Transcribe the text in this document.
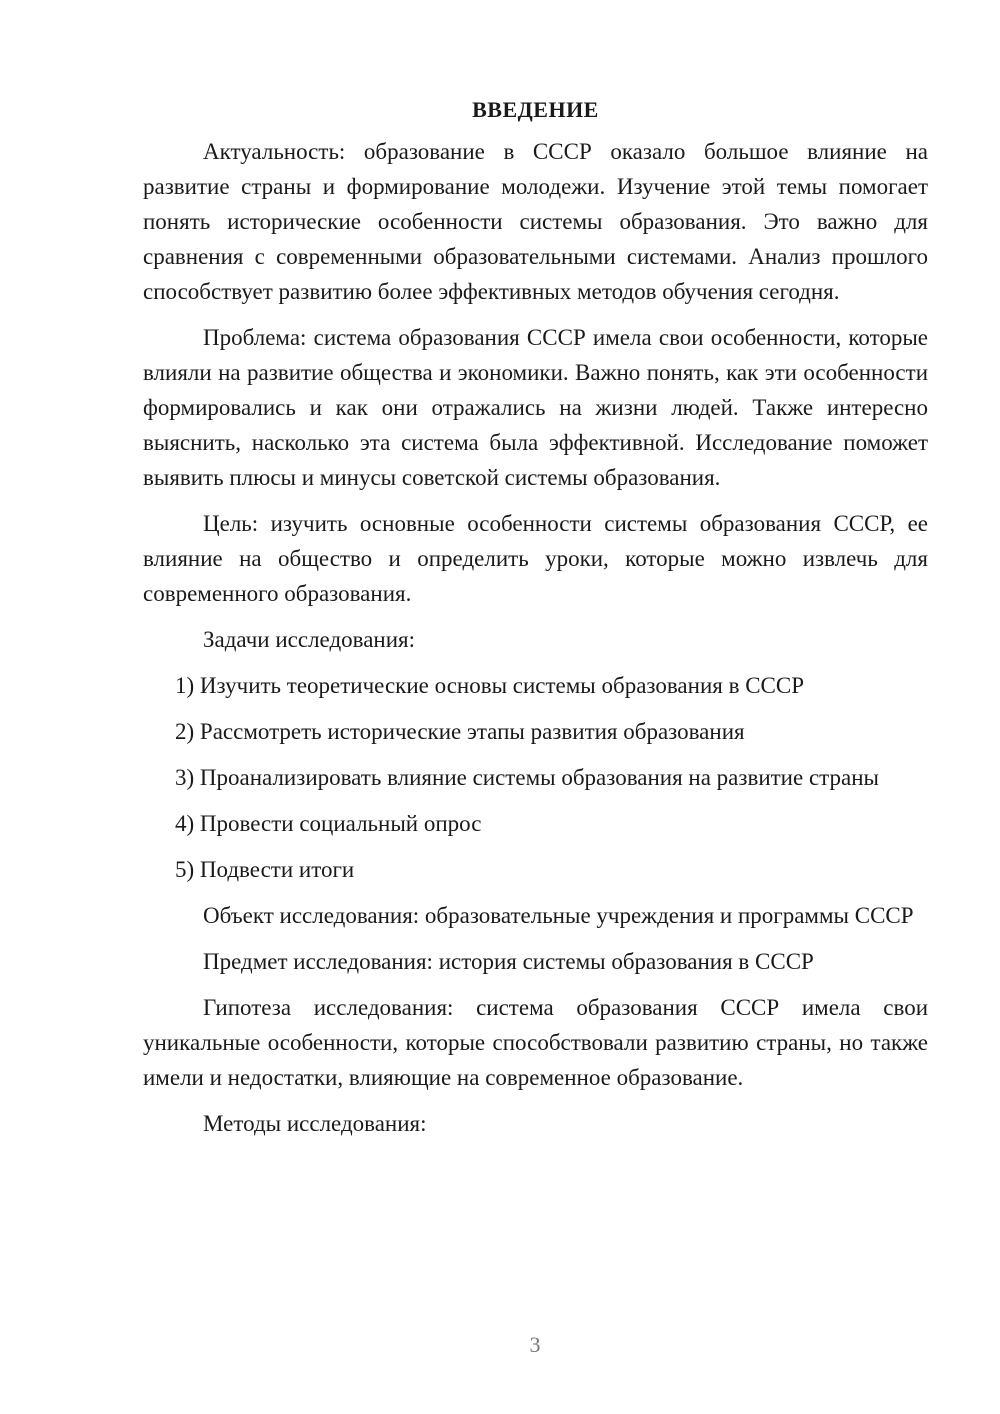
ВВЕДЕНИЕ

Актуальность: образование в СССР оказало большое влияние на развитие страны и формирование молодежи. Изучение этой темы помогает понять исторические особенности системы образования. Это важно для сравнения с современными образовательными системами. Анализ прошлого способствует развитию более эффективных методов обучения сегодня.

Проблема: система образования СССР имела свои особенности, которые влияли на развитие общества и экономики. Важно понять, как эти особенности формировались и как они отражались на жизни людей. Также интересно выяснить, насколько эта система была эффективной. Исследование поможет выявить плюсы и минусы советской системы образования.

Цель: изучить основные особенности системы образования СССР, ее влияние на общество и определить уроки, которые можно извлечь для современного образования.

Задачи исследования:

1) Изучить теоретические основы системы образования в СССР

2) Рассмотреть исторические этапы развития образования

3) Проанализировать влияние системы образования на развитие страны

4) Провести социальный опрос

5) Подвести итоги

Объект исследования: образовательные учреждения и программы СССР

Предмет исследования: история системы образования в СССР

Гипотеза исследования: система образования СССР имела свои уникальные особенности, которые способствовали развитию страны, но также имели и недостатки, влияющие на современное образование.

Методы исследования:

3
